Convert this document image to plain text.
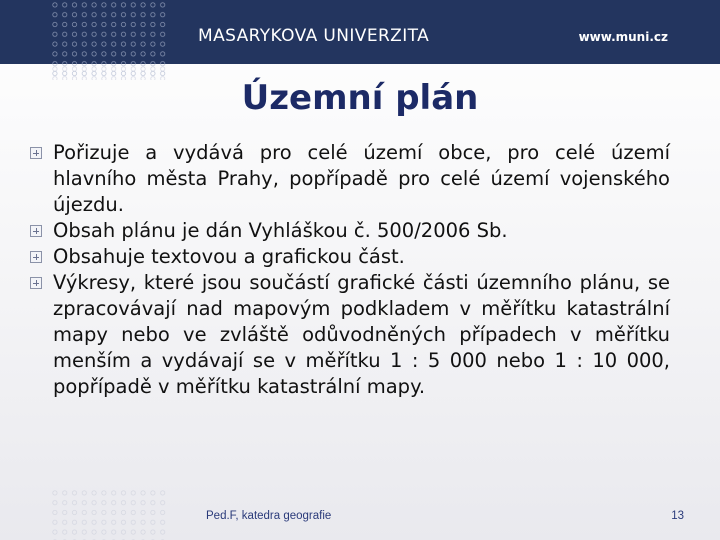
MASARYKOVA UNIVERZITA	www.muni.cz
Územní plán
Pořizuje a vydává pro celé území obce, pro celé území hlavního města Prahy, popřípadě pro celé území vojenského újezdu.
Obsah plánu je dán Vyhláškou č. 500/2006 Sb.
Obsahuje textovou a grafickou část.
Výkresy, které jsou součástí grafické části územního plánu, se zpracovávají nad mapovým podkladem v měřítku katastrální mapy nebo ve zvláště odůvodněných případech v měřítku menším a vydávají se v měřítku 1 : 5 000 nebo 1 : 10 000, popřípadě v měřítku katastrální mapy.
Ped.F, katedra geografie	13
